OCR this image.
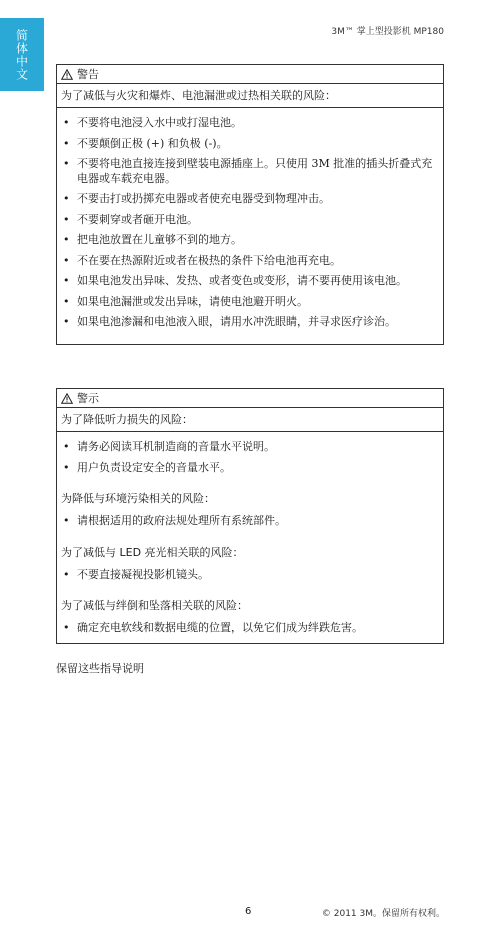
简体中文	3M™ 掌上型投影机 MP180
警告
为了减低与火灾和爆炸、电池漏泄或过热相关联的风险：
• 不要将电池浸入水中或打湿电池。
• 不要颠倒正极 (+) 和负极 (-)。
• 不要将电池直接连接到壁装电源插座上。只使用 3M 批准的插头折叠式充电器或车载充电器。
• 不要击打或扔掷充电器或者使充电器受到物理冲击。
• 不要刺穿或者砸开电池。
• 把电池放置在儿童够不到的地方。
• 不在要在热源附近或者在极热的条件下给电池再充电。
• 如果电池发出异味、发热、或者变色或变形，请不要再使用该电池。
• 如果电池漏泄或发出异味，请使电池避开明火。
• 如果电池渗漏和电池液入眼，请用水冲洗眼睛，并寻求医疗诊治。
警示
为了降低听力损失的风险：
• 请务必阅读耳机制造商的音量水平说明。
• 用户负责设定安全的音量水平。
为降低与环境污染相关的风险：
• 请根据适用的政府法规处理所有系统部件。
为了减低与 LED 亮光相关联的风险：
• 不要直接凝视投影机镜头。
为了减低与绊倒和坠落相关联的风险：
• 确定充电软线和数据电缆的位置，以免它们成为绊跌危害。
保留这些指导说明
6	© 2011 3M。保留所有权利。
